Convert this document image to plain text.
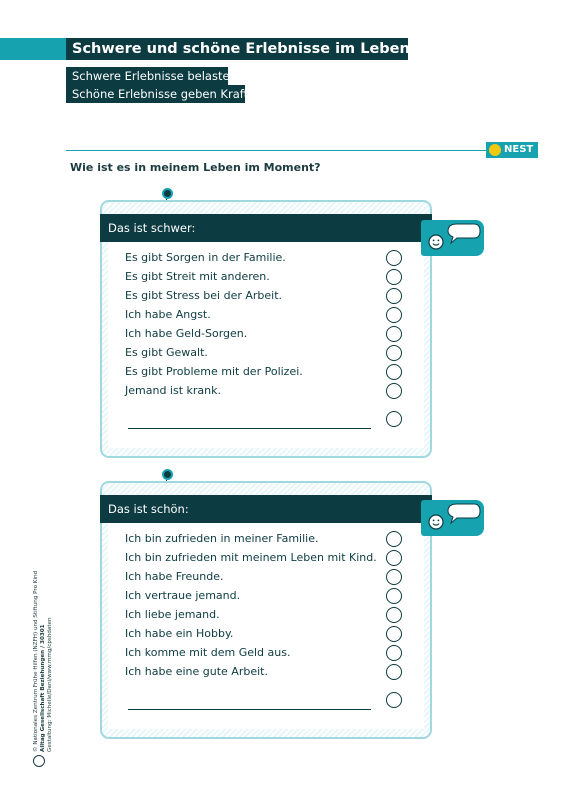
Schwere und schöne Erlebnisse im Leben
Schwere Erlebnisse belasten.
Schöne Erlebnisse geben Kraft.
NEST
Wie ist es in meinem Leben im Moment?
Das ist schwer:
Es gibt Sorgen in der Familie.
Es gibt Streit mit anderen.
Es gibt Stress bei der Arbeit.
Ich habe Angst.
Ich habe Geld-Sorgen.
Es gibt Gewalt.
Es gibt Probleme mit der Polizei.
Jemand ist krank.
Das ist schön:
Ich bin zufrieden in meiner Familie.
Ich bin zufrieden mit meinem Leben mit Kind.
Ich habe Freunde.
Ich vertraue jemand.
Ich liebe jemand.
Ich habe ein Hobby.
Ich komme mit dem Geld aus.
Ich habe eine gute Arbeit.
© Nationales Zentrum Frühe Hilfen (NZFH) und Stiftung Pro Kind Alltag Gesellschaft Beziehungen / 30301 Gestaltung: Michelle/Dani/www.mmg/cpshdaten
